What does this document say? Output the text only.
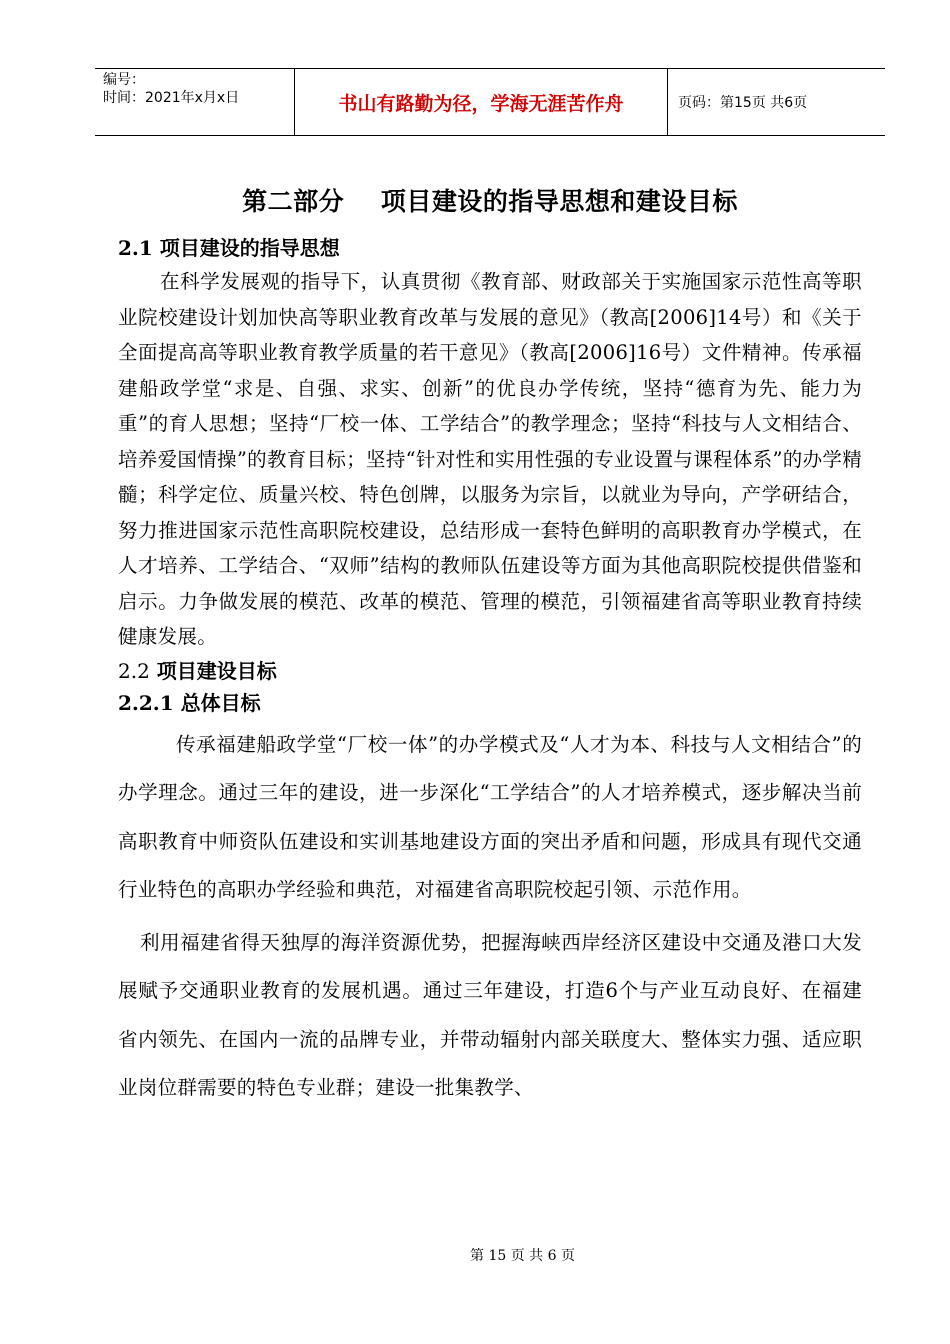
编号：
时间：2021年x月x日	书山有路勤为径，学海无涯苦作舟	页码：第15页 共6页
第二部分    项目建设的指导思想和建设目标
2.1 项目建设的指导思想

在科学发展观的指导下，认真贯彻《教育部、财政部关于实施国家示范性高等职业院校建设计划加快高等职业教育改革与发展的意见》（教高[2006]14号）和《关于全面提高高等职业教育教学质量的若干意见》（教高[2006]16号）文件精神。传承福建船政学堂“求是、自强、求实、创新”的优良办学传统，坚持“德育为先、能力为重”的育人思想；坚持“厂校一体、工学结合”的教学理念；坚持“科技与人文相结合、培养爱国情操”的教育目标；坚持“针对性和实用性强的专业设置与课程体系”的办学精髓；科学定位、质量兴校、特色创牌，以服务为宗旨，以就业为导向，产学研结合，努力推进国家示范性高职院校建设，总结形成一套特色鲜明的高职教育办学模式，在人才培养、工学结合、“双师”结构的教师队伍建设等方面为其他高职院校提供借鉴和启示。力争做发展的模范、改革的模范、管理的模范，引领福建省高等职业教育持续健康发展。

2.2 项目建设目标
2.2.1 总体目标

传承福建船政学堂“厂校一体”的办学模式及“人才为本、科技与人文相结合”的办学理念。通过三年的建设，进一步深化“工学结合”的人才培养模式，逐步解决当前高职教育中师资队伍建设和实训基地建设方面的突出矛盾和问题，形成具有现代交通行业特色的高职办学经验和典范，对福建省高职院校起引领、示范作用。

利用福建省得天独厚的海洋资源优势，把握海峡西岸经济区建设中交通及港口大发展赋予交通职业教育的发展机遇。通过三年建设，打造6个与产业互动良好、在福建省内领先、在国内一流的品牌专业，并带动辐射内部关联度大、整体实力强、适应职业岗位群需要的特色专业群；建设一批集教学、

第 15 页 共 6 页
